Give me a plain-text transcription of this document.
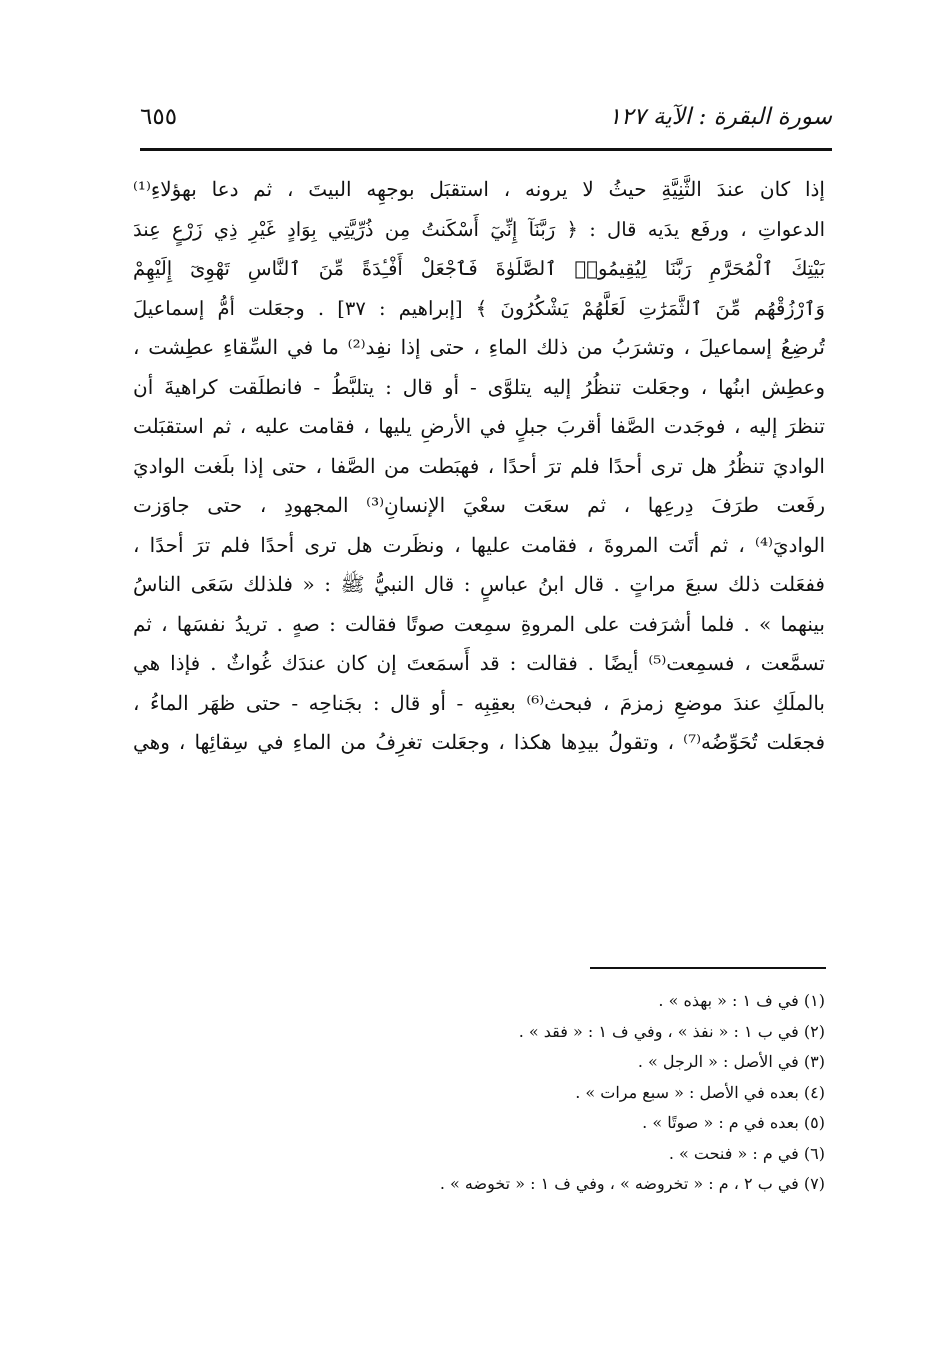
سورة البقرة : الآية ١٢٧
٦٥٥
إذا كان عندَ الثَّنِيَّةِ حيثُ لا يرونه ، استقبَل بوجهِه البيتَ ، ثم دعا بهؤلاءِ⁽¹⁾
الدعواتِ ، ورفَع يدَيه قال : ﴿ رَبَّنَآ إِنِّيٓ أَسْكَنتُ مِن ذُرِّيَّتِي بِوَادٍ غَيْرِ ذِي زَرْعٍ عِندَ
بَيْتِكَ ٱلْمُحَرَّمِ رَبَّنَا لِيُقِيمُوا۟ ٱلصَّلَوٰةَ فَٱجْعَلْ أَفْـِٔدَةً مِّنَ ٱلنَّاسِ تَهْوِىٓ إِلَيْهِمْ
وَٱرْزُقْهُم مِّنَ ٱلثَّمَرَٰتِ لَعَلَّهُمْ يَشْكُرُونَ ﴾ [إبراهيم : ٣٧] . وجعَلت أمُّ إسماعيلَ
تُرضِعُ إسماعيلَ ، وتشرَبُ من ذلك الماءِ ، حتى إذا نفِد⁽²⁾ ما في السِّقاءِ عطِشت ،
وعطِش ابنُها ، وجعَلت تنظُرُ إليه يتلوَّى - أو قال : يتلبَّطُ - فانطلَقت كراهيةَ أن
تنظرَ إليه ، فوجَدت الصَّفا أقربَ جبلٍ في الأرضِ يليها ، فقامت عليه ، ثم استقبَلت
الواديَ تنظُرُ هل ترى أحدًا فلم ترَ أحدًا ، فهبَطت من الصَّفا ، حتى إذا بلَغت الواديَ
رفَعت طرَفَ دِرعِها ، ثم سعَت سعْيَ الإنسانِ⁽³⁾ المجهودِ ، حتى جاوَزت
الواديَ⁽⁴⁾ ، ثم أتَت المروةَ ، فقامت عليها ، ونظَرت هل ترى أحدًا فلم ترَ أحدًا ،
ففعَلت ذلك سبعَ مراتٍ . قال ابنُ عباسٍ : قال النبيُّ ﷺ : « فلذلك سَعَى الناسُ
بينهما » . فلما أشرَفت على المروةِ سمِعت صوتًا فقالت : صهٍ . تريدُ نفسَها ، ثم
تسمَّعت ، فسمِعت⁽⁵⁾ أيضًا . فقالت : قد أَسمَعتَ إن كان عندَك غُواثٌ . فإذا هي
بالملَكِ عندَ موضعِ زمزمَ ، فبحث⁽⁶⁾ بعقِبِه - أو قال : بجَناحِه - حتى ظهَر الماءُ ،
فجعَلت تُحَوِّضُه⁽⁷⁾ ، وتقولُ بيدِها هكذا ، وجعَلت تغرِفُ من الماءِ في سِقائِها ، وهي
(١) في ف ١ : « بهذه » .
(٢) في ب ١ : « نفذ » ، وفي ف ١ : « فقد » .
(٣) في الأصل : « الرجل » .
(٤) بعده في الأصل : « سبع مرات » .
(٥) بعده في م : « صوتًا » .
(٦) في م : « فنحت » .
(٧) في ب ٢ ، م : « تخروضه » ، وفي ف ١ : « تخوضه » .
